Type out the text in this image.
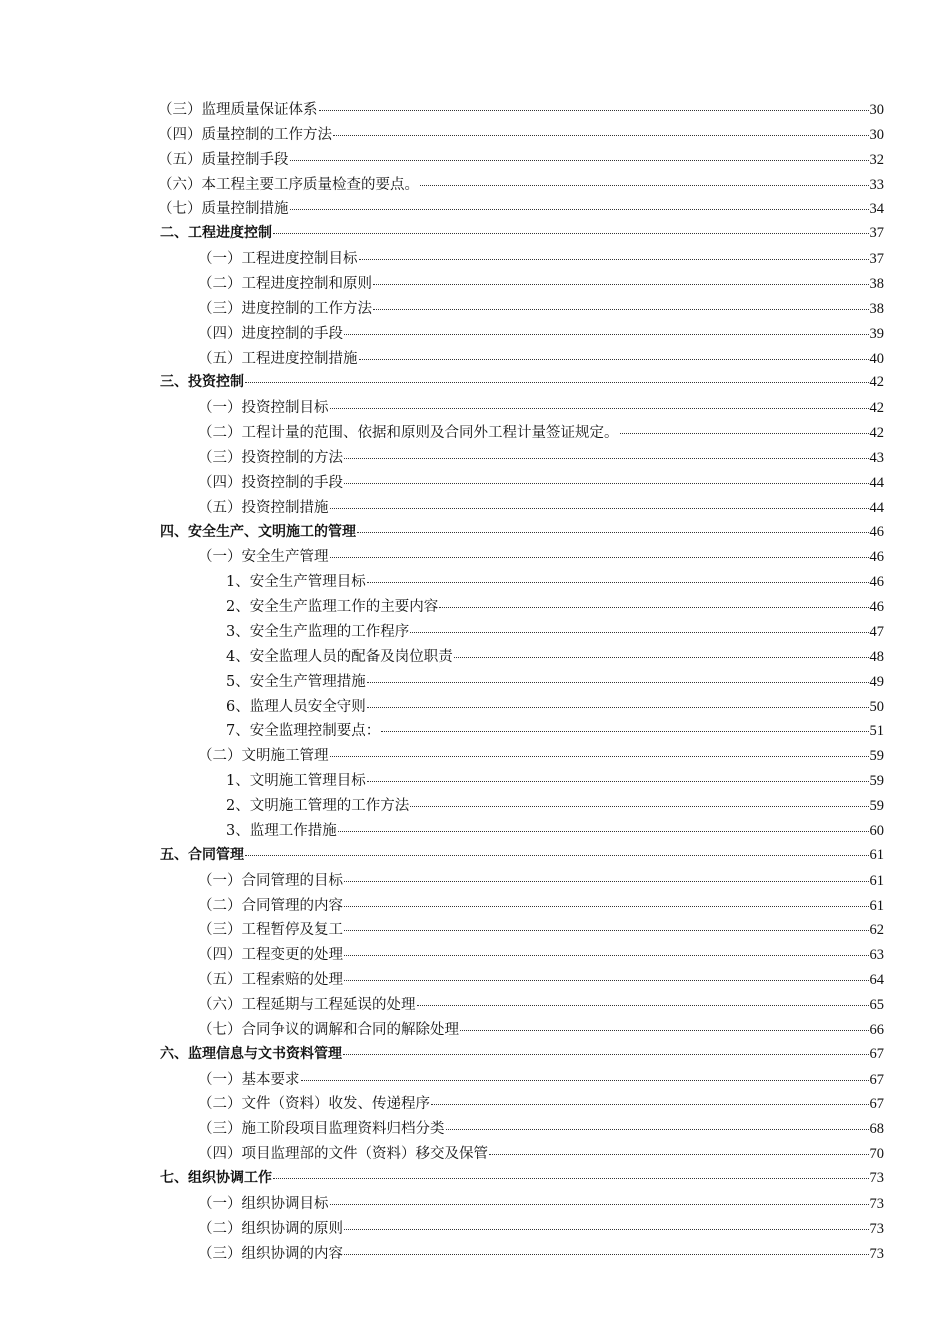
（三）监理质量保证体系	30
（四）质量控制的工作方法	30
（五）质量控制手段	32
（六）本工程主要工序质量检查的要点。	33
（七）质量控制措施	34
二、工程进度控制	37
（一）工程进度控制目标	37
（二）工程进度控制和原则	38
（三）进度控制的工作方法	38
（四）进度控制的手段	39
（五）工程进度控制措施	40
三、投资控制	42
（一）投资控制目标	42
（二）工程计量的范围、依据和原则及合同外工程计量签证规定。	42
（三）投资控制的方法	43
（四）投资控制的手段	44
（五）投资控制措施	44
四、安全生产、文明施工的管理	46
（一）安全生产管理	46
1、安全生产管理目标	46
2、安全生产监理工作的主要内容	46
3、安全生产监理的工作程序	47
4、安全监理人员的配备及岗位职责	48
5、安全生产管理措施	49
6、监理人员安全守则	50
7、安全监理控制要点：	51
（二）文明施工管理	59
1、文明施工管理目标	59
2、文明施工管理的工作方法	59
3、监理工作措施	60
五、合同管理	61
（一）合同管理的目标	61
（二）合同管理的内容	61
（三）工程暂停及复工	62
（四）工程变更的处理	63
（五）工程索赔的处理	64
（六）工程延期与工程延误的处理	65
（七）合同争议的调解和合同的解除处理	66
六、监理信息与文书资料管理	67
（一）基本要求	67
（二）文件（资料）收发、传递程序	67
（三）施工阶段项目监理资料归档分类	68
（四）项目监理部的文件（资料）移交及保管	70
七、组织协调工作	73
（一）组织协调目标	73
（二）组织协调的原则	73
（三）组织协调的内容	73
